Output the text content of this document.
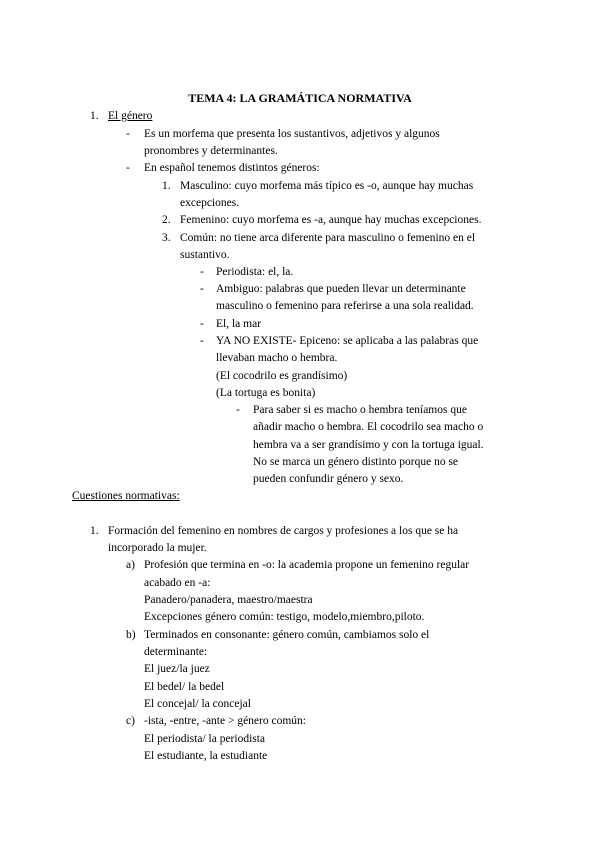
TEMA 4: LA GRAMÁTICA NORMATIVA
1. El género
- Es un morfema que presenta los sustantivos, adjetivos y algunos
pronombres y determinantes.
- En español tenemos distintos géneros:
1. Masculino: cuyo morfema más típico es -o, aunque hay muchas
excepciones.
2. Femenino: cuyo morfema es -a, aunque hay muchas excepciones.
3. Común: no tiene arca diferente para masculino o femenino en el
sustantivo.
- Periodista: el, la.
- Ambiguo: palabras que pueden llevar un determinante
masculino o femenino para referirse a una sola realidad.
- El, la mar
- YA NO EXISTE- Epiceno: se aplicaba a las palabras que
llevaban macho o hembra.
(El cocodrilo es grandísimo)
(La tortuga es bonita)
- Para saber si es macho o hembra teníamos que
añadir macho o hembra. El cocodrilo sea macho o
hembra va a ser grandísimo y con la tortuga igual.
No se marca un género distinto porque no se
pueden confundir género y sexo.
Cuestiones normativas:
1. Formación del femenino en nombres de cargos y profesiones a los que se ha
incorporado la mujer.
a) Profesión que termina en -o: la academia propone un femenino regular
acabado en -a:
Panadero/panadera, maestro/maestra
Excepciones género común: testigo, modelo,miembro,piloto.
b) Terminados en consonante: género común, cambiamos solo el
determinante:
El juez/la juez
El bedel/ la bedel
El concejal/ la concejal
c) -ista, -entre, -ante > género común:
El periodista/ la periodista
El estudiante, la estudiante
